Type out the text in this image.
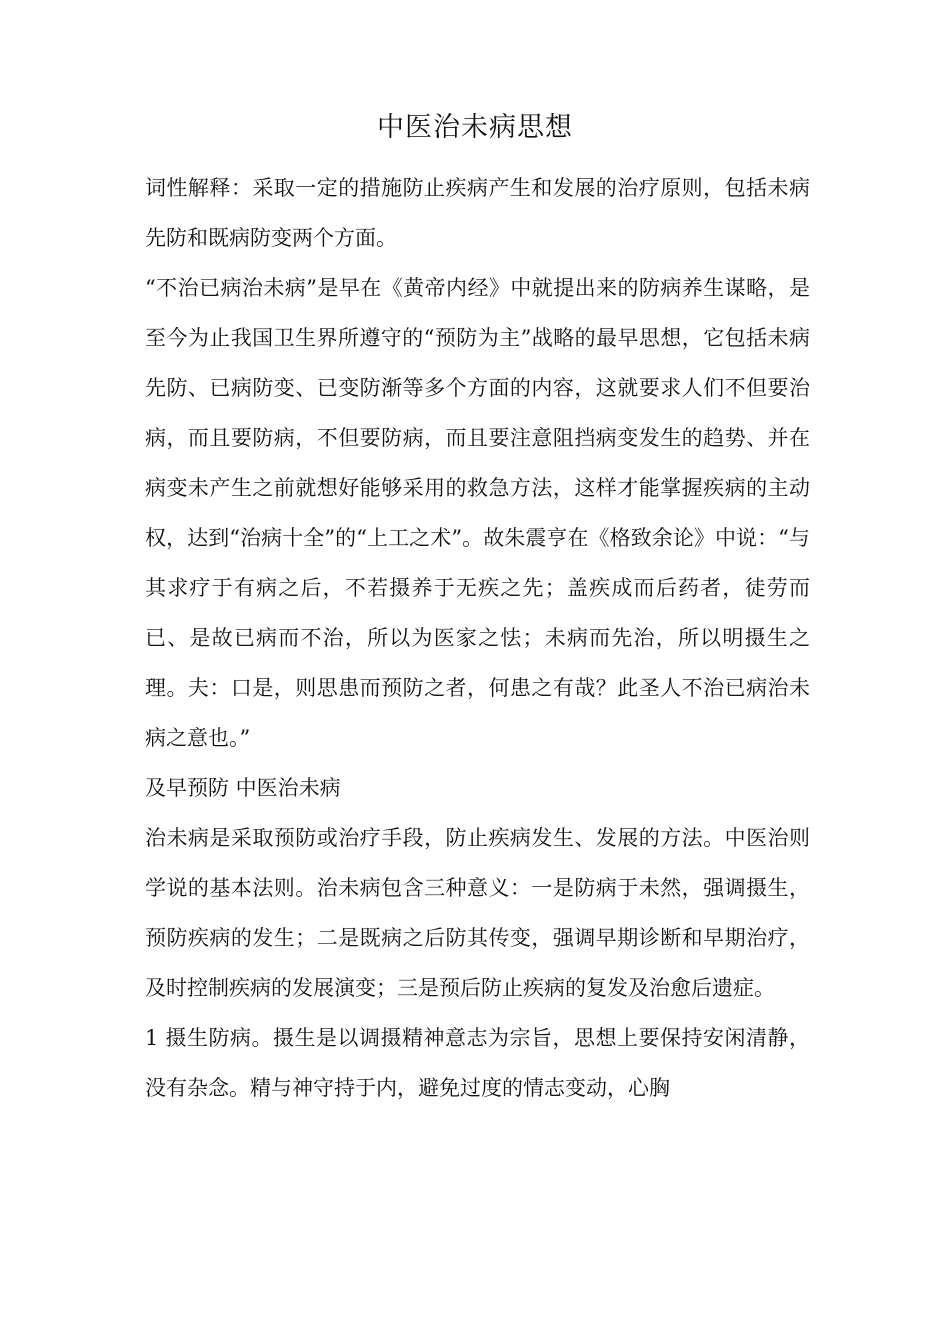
中医治未病思想

词性解释：采取一定的措施防止疾病产生和发展的治疗原则，包括未病先防和既病防变两个方面。

“不治已病治未病”是早在《黄帝内经》中就提出来的防病养生谋略，是至今为止我国卫生界所遵守的“预防为主”战略的最早思想，它包括未病先防、已病防变、已变防渐等多个方面的内容，这就要求人们不但要治病，而且要防病，不但要防病，而且要注意阻挡病变发生的趋势、并在病变未产生之前就想好能够采用的救急方法，这样才能掌握疾病的主动权，达到“治病十全”的“上工之术”。故朱震亨在《格致余论》中说：“与其求疗于有病之后，不若摄养于无疾之先；盖疾成而后药者，徒劳而已、是故已病而不治，所以为医家之怯；未病而先治，所以明摄生之理。夫：口是，则思患而预防之者，何患之有哉？此圣人不治已病治未病之意也。”

及早预防 中医治未病

治未病是采取预防或治疗手段，防止疾病发生、发展的方法。中医治则学说的基本法则。治未病包含三种意义：一是防病于未然，强调摄生，预防疾病的发生；二是既病之后防其传变，强调早期诊断和早期治疗，及时控制疾病的发展演变；三是预后防止疾病的复发及治愈后遗症。

1 摄生防病。摄生是以调摄精神意志为宗旨，思想上要保持安闲清静，没有杂念。精与神守持于内，避免过度的情志变动，心胸
